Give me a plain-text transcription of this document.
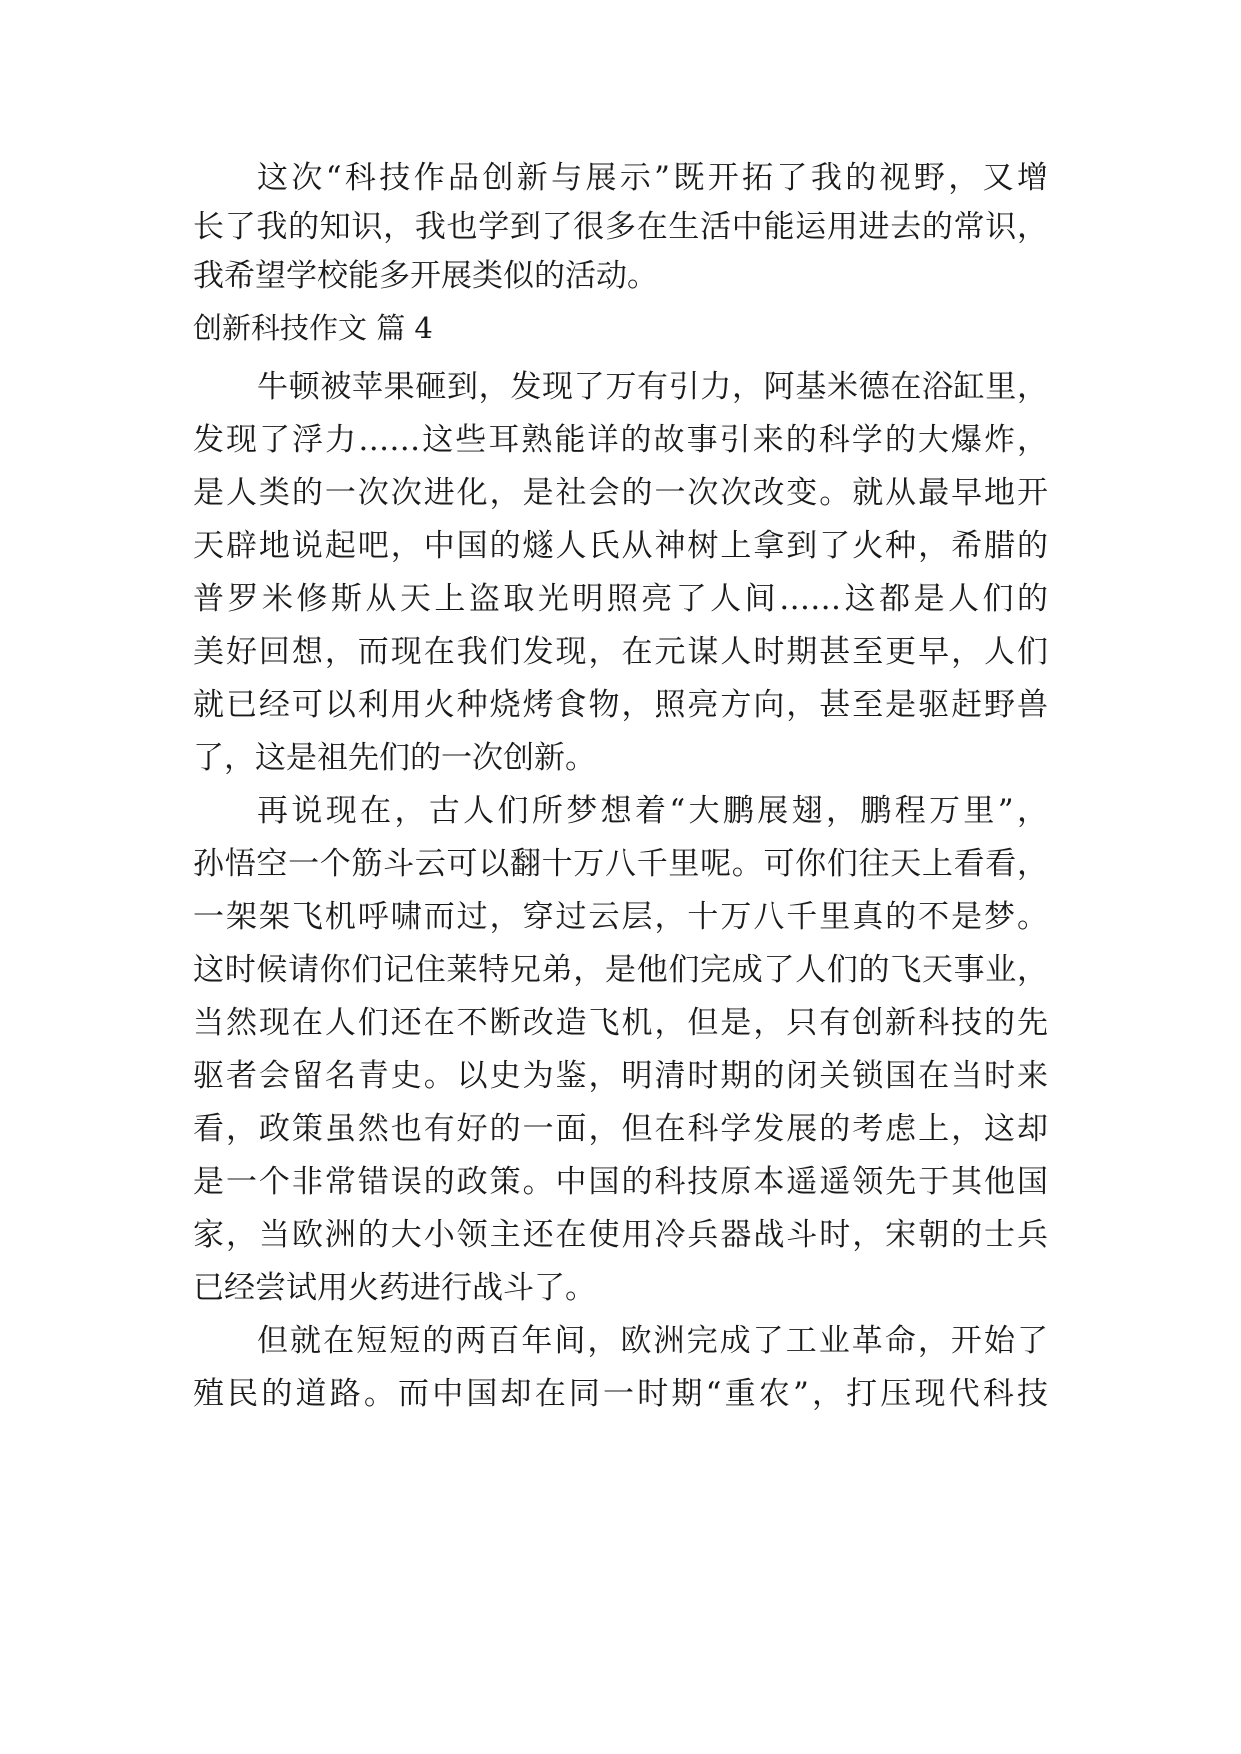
这次“科技作品创新与展示”既开拓了我的视野，又增
长了我的知识，我也学到了很多在生活中能运用进去的常识，
我希望学校能多开展类似的活动。
创新科技作文 篇 4
牛顿被苹果砸到，发现了万有引力，阿基米德在浴缸里，
发现了浮力……这些耳熟能详的故事引来的科学的大爆炸，
是人类的一次次进化，是社会的一次次改变。就从最早地开
天辟地说起吧，中国的燧人氏从神树上拿到了火种，希腊的
普罗米修斯从天上盗取光明照亮了人间……这都是人们的
美好回想，而现在我们发现，在元谋人时期甚至更早，人们
就已经可以利用火种烧烤食物，照亮方向，甚至是驱赶野兽
了，这是祖先们的一次创新。
再说现在，古人们所梦想着“大鹏展翅，鹏程万里”，
孙悟空一个筋斗云可以翻十万八千里呢。可你们往天上看看，
一架架飞机呼啸而过，穿过云层，十万八千里真的不是梦。
这时候请你们记住莱特兄弟，是他们完成了人们的飞天事业，
当然现在人们还在不断改造飞机，但是，只有创新科技的先
驱者会留名青史。以史为鉴，明清时期的闭关锁国在当时来
看，政策虽然也有好的一面，但在科学发展的考虑上，这却
是一个非常错误的政策。中国的科技原本遥遥领先于其他国
家，当欧洲的大小领主还在使用冷兵器战斗时，宋朝的士兵
已经尝试用火药进行战斗了。
但就在短短的两百年间，欧洲完成了工业革命，开始了
殖民的道路。而中国却在同一时期“重农”，打压现代科技
